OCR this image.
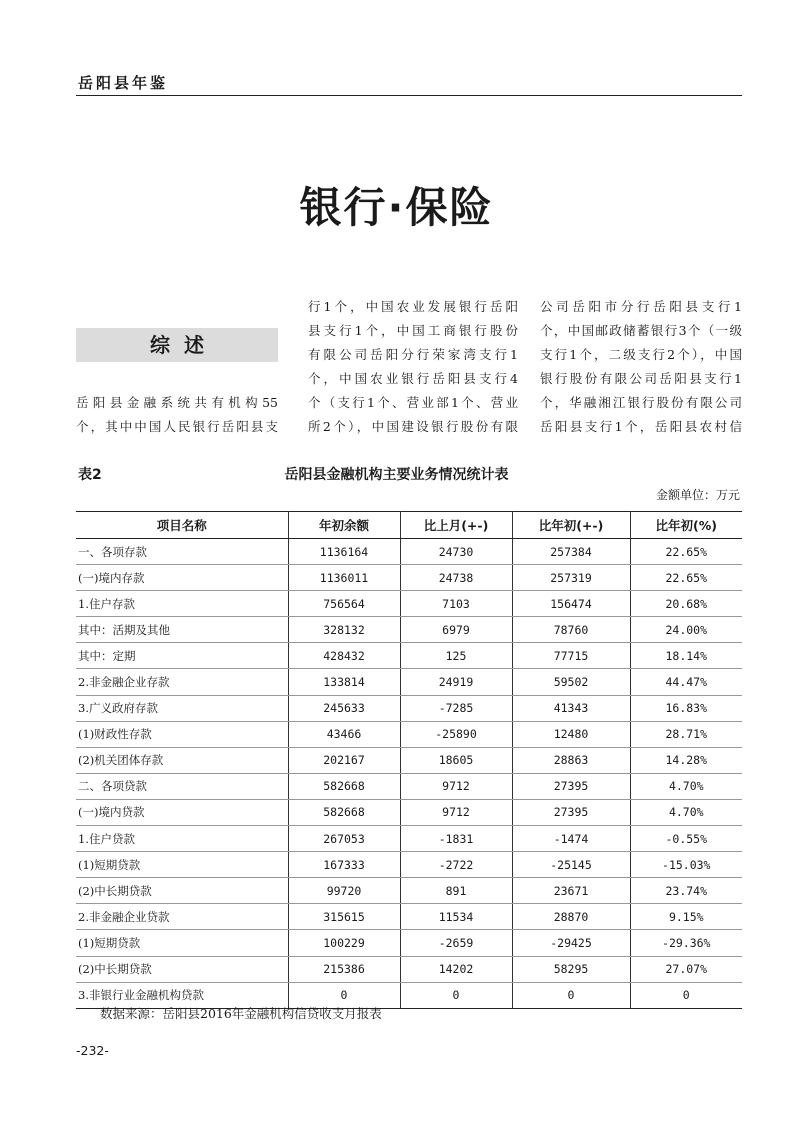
岳阳县年鉴
银行·保险
综述
岳阳县金融系统共有机构55
个，其中中国人民银行岳阳县支
行1个，中国农业发展银行岳阳
县支行1个，中国工商银行股份
有限公司岳阳分行荣家湾支行1
个，中国农业银行岳阳县支行4
个（支行1个、营业部1个、营业
所2个），中国建设银行股份有限
公司岳阳市分行岳阳县支行1
个，中国邮政储蓄银行3个（一级
支行1个，二级支行2个），中国
银行股份有限公司岳阳县支行1
个，华融湘江银行股份有限公司
岳阳县支行1个，岳阳县农村信
表2	岳阳县金融机构主要业务情况统计表
金额单位：万元
项目名称	年初余额	比上月(+-)	比年初(+-)	比年初(%)
一、各项存款	1136164	24730	257384	22.65%
(一)境内存款	1136011	24738	257319	22.65%
1.住户存款	756564	7103	156474	20.68%
其中：活期及其他	328132	6979	78760	24.00%
其中：定期	428432	125	77715	18.14%
2.非金融企业存款	133814	24919	59502	44.47%
3.广义政府存款	245633	-7285	41343	16.83%
(1)财政性存款	43466	-25890	12480	28.71%
(2)机关团体存款	202167	18605	28863	14.28%
二、各项贷款	582668	9712	27395	4.70%
(一)境内贷款	582668	9712	27395	4.70%
1.住户贷款	267053	-1831	-1474	-0.55%
(1)短期贷款	167333	-2722	-25145	-15.03%
(2)中长期贷款	99720	891	23671	23.74%
2.非金融企业贷款	315615	11534	28870	9.15%
(1)短期贷款	100229	-2659	-29425	-29.36%
(2)中长期贷款	215386	14202	58295	27.07%
3.非银行业金融机构贷款	0	0	0	0
数据来源：岳阳县2016年金融机构信贷收支月报表
-232-
